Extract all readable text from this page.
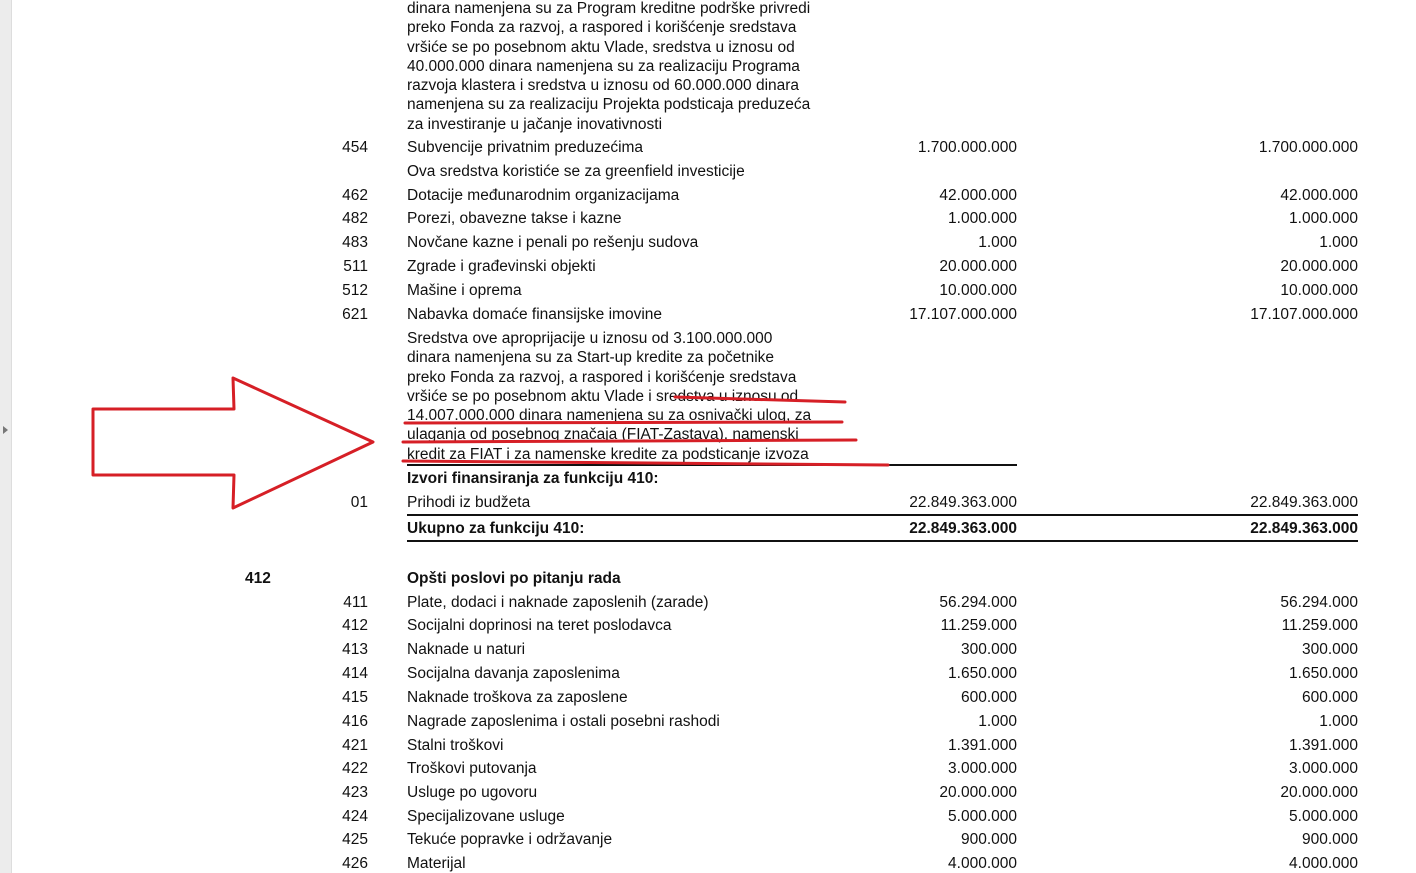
dinara namenjena su za Program kreditne podrške privredi
preko Fonda za razvoj, a raspored i korišćenje sredstava
vršiće se po posebnom aktu Vlade, sredstva u iznosu od
40.000.000 dinara namenjena su za realizaciju Programa
razvoja klastera i sredstva u iznosu od 60.000.000 dinara
namenjena su za realizaciju Projekta podsticaja preduzeća
za investiranje u jačanje inovativnosti
454	Subvencije privatnim preduzećima	1.700.000.000	1.700.000.000
Ova sredstva koristiće se za greenfield investicije
462	Dotacije međunarodnim organizacijama	42.000.000	42.000.000
482	Porezi, obavezne takse i kazne	1.000.000	1.000.000
483	Novčane kazne i penali po rešenju sudova	1.000	1.000
511	Zgrade i građevinski objekti	20.000.000	20.000.000
512	Mašine i oprema	10.000.000	10.000.000
621	Nabavka domaće finansijske imovine	17.107.000.000	17.107.000.000
Sredstva ove apropriјacije u iznosu od 3.100.000.000
dinara namenjena su za Start-up kredite za početnike
preko Fonda za razvoj, a raspored i korišćenje sredstava
vršiće se po posebnom aktu Vlade i sredstva u iznosu od
14.007.000.000 dinara namenjena su za osnivački ulog, za
ulaganja od posebnog značaja (FIAT-Zastava), namenski
kredit za FIAT i za namenske kredite za podsticanje izvoza
Izvori finansiranja za funkciju 410:
01	Prihodi iz budžeta	22.849.363.000	22.849.363.000
Ukupno za funkciju 410:	22.849.363.000	22.849.363.000
412	Opšti poslovi po pitanju rada
411	Plate, dodaci i naknade zaposlenih (zarade)	56.294.000	56.294.000
412	Socijalni doprinosi na teret poslodavca	11.259.000	11.259.000
413	Naknade u naturi	300.000	300.000
414	Socijalna davanja zaposlenima	1.650.000	1.650.000
415	Naknade troškova za zaposlene	600.000	600.000
416	Nagrade zaposlenima i ostali posebni rashodi	1.000	1.000
421	Stalni troškovi	1.391.000	1.391.000
422	Troškovi putovanja	3.000.000	3.000.000
423	Usluge po ugovoru	20.000.000	20.000.000
424	Specijalizovane usluge	5.000.000	5.000.000
425	Tekuće popravke i održavanje	900.000	900.000
426	Materijal	4.000.000	4.000.000
